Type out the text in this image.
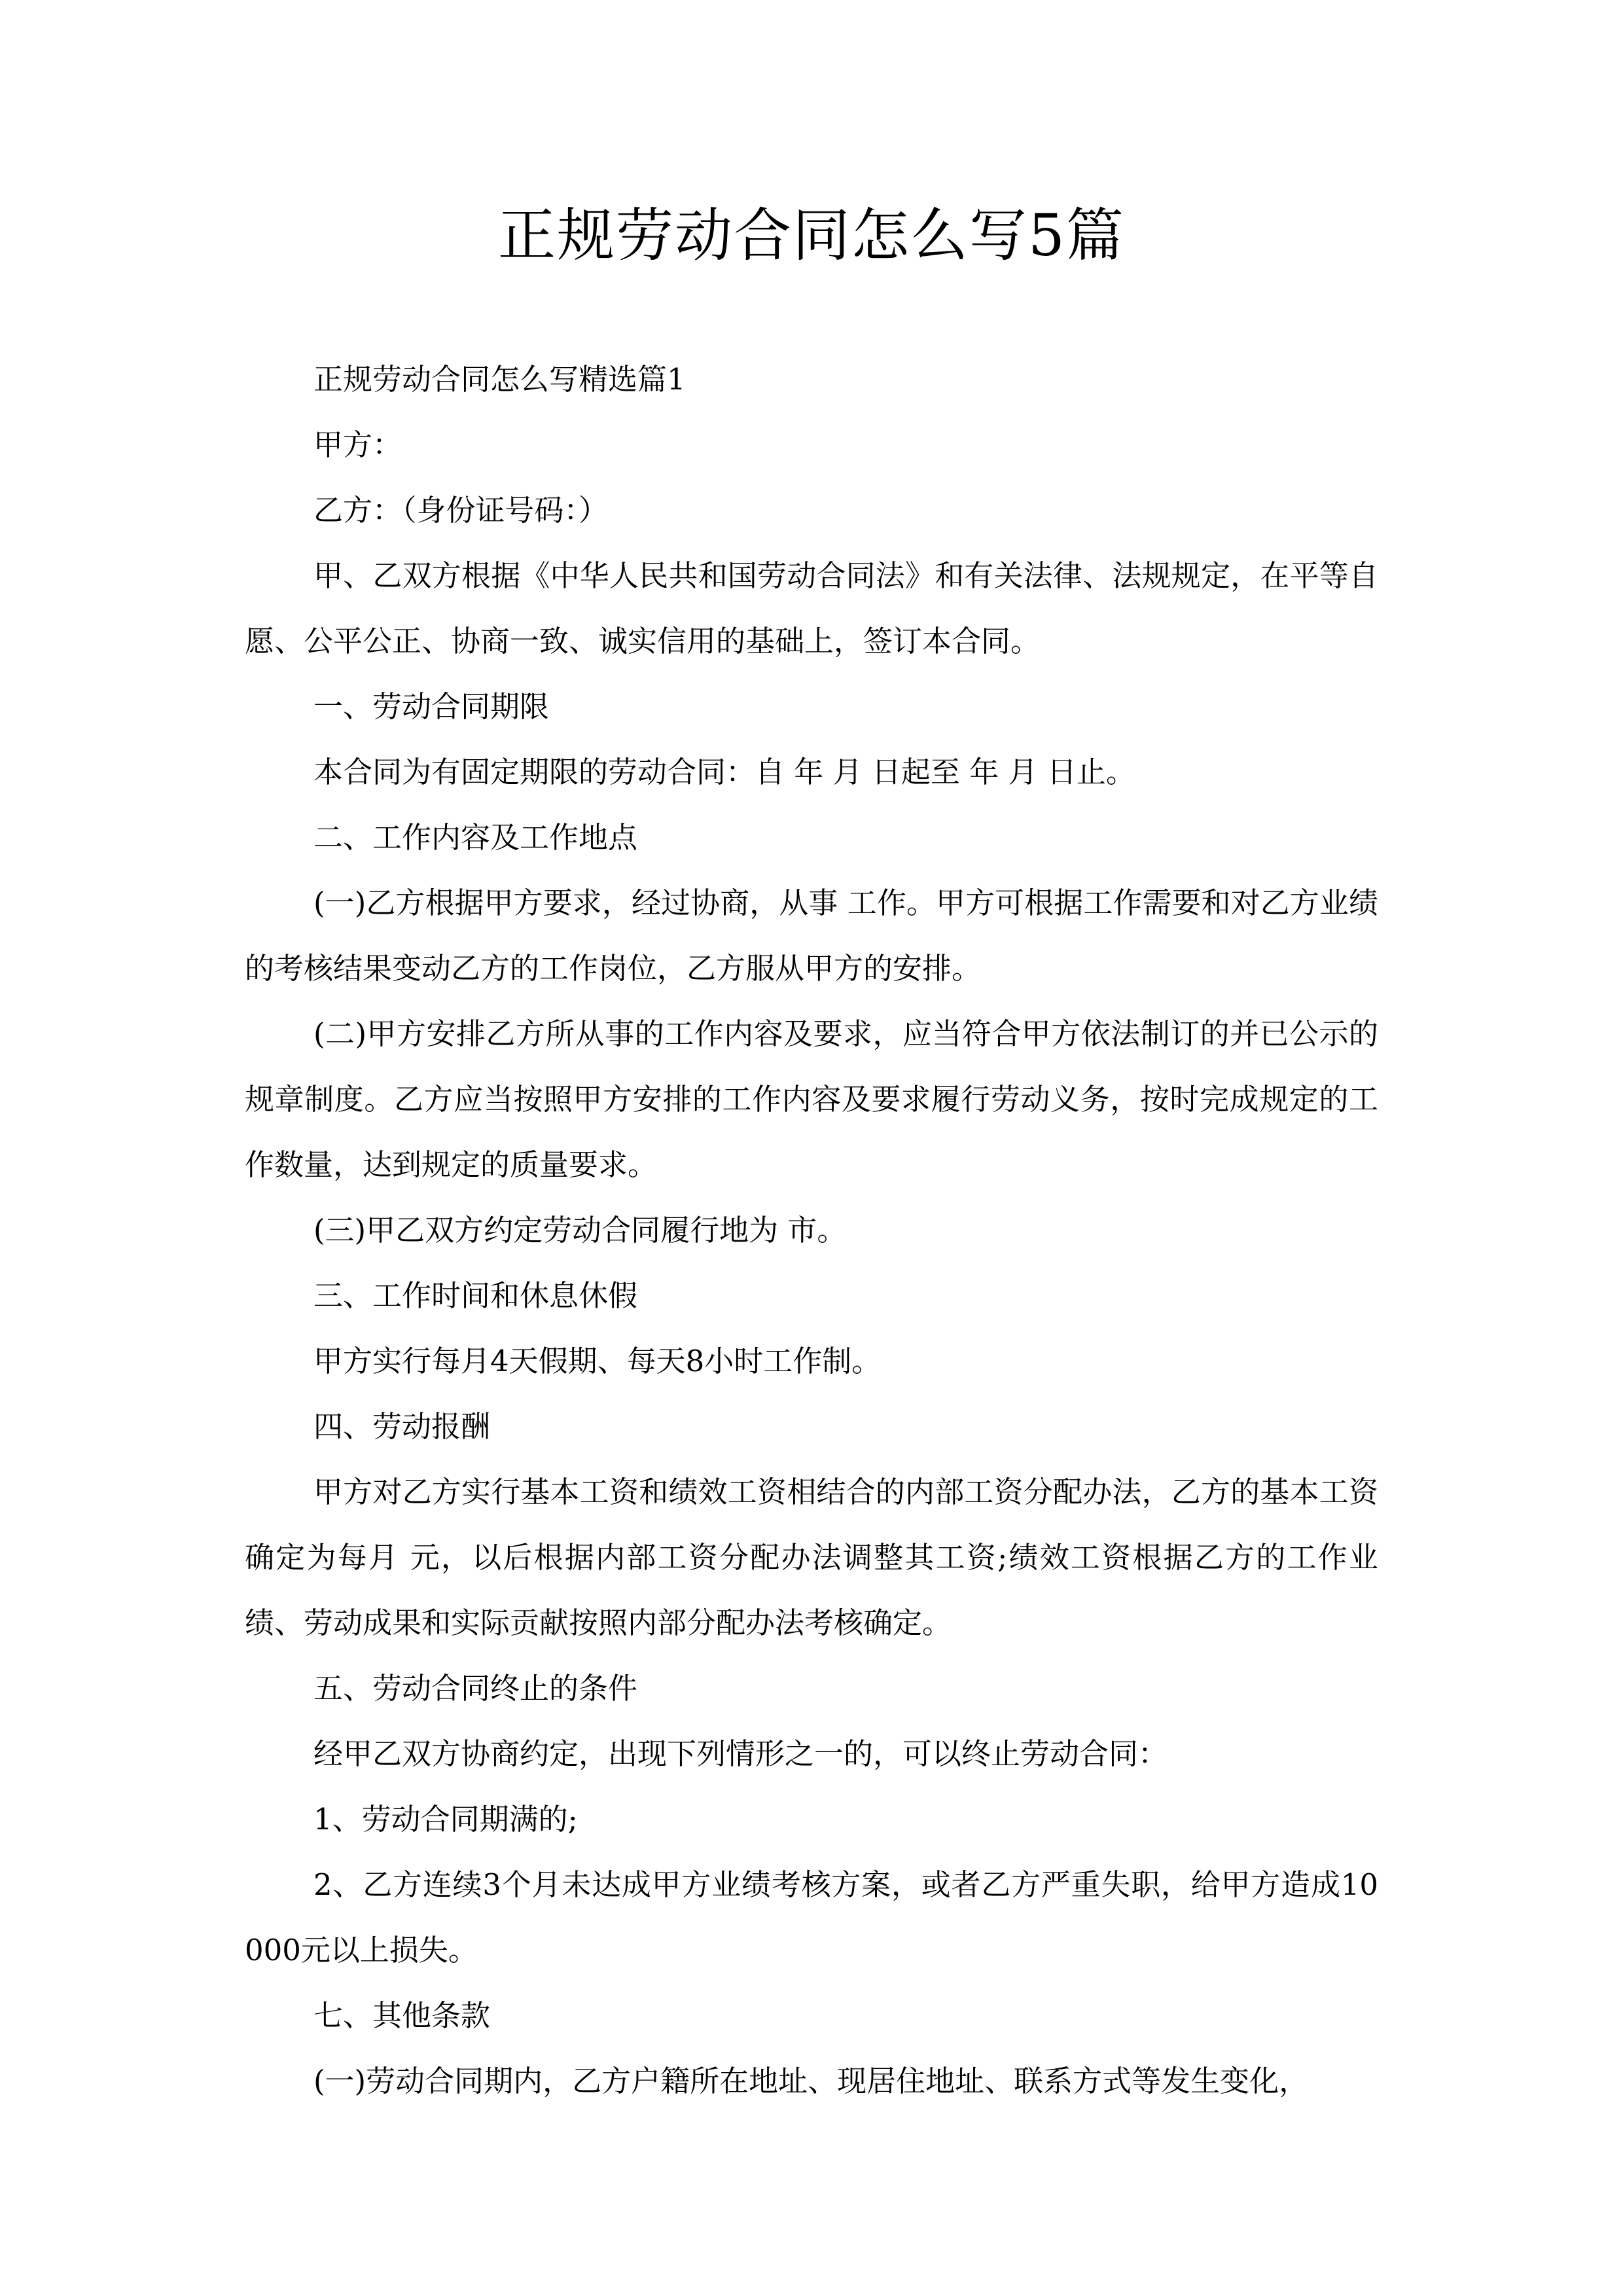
正规劳动合同怎么写5篇

正规劳动合同怎么写精选篇1

甲方：

乙方：（身份证号码：）

甲、乙双方根据《中华人民共和国劳动合同法》和有关法律、法规规定，在平等自愿、公平公正、协商一致、诚实信用的基础上，签订本合同。

一、劳动合同期限

本合同为有固定期限的劳动合同：自 年 月 日起至 年 月 日止。

二、工作内容及工作地点

(一)乙方根据甲方要求，经过协商，从事 工作。甲方可根据工作需要和对乙方业绩的考核结果变动乙方的工作岗位，乙方服从甲方的安排。

(二)甲方安排乙方所从事的工作内容及要求，应当符合甲方依法制订的并已公示的规章制度。乙方应当按照甲方安排的工作内容及要求履行劳动义务，按时完成规定的工作数量，达到规定的质量要求。

(三)甲乙双方约定劳动合同履行地为 市。

三、工作时间和休息休假

甲方实行每月4天假期、每天8小时工作制。

四、劳动报酬

甲方对乙方实行基本工资和绩效工资相结合的内部工资分配办法，乙方的基本工资确定为每月 元，以后根据内部工资分配办法调整其工资;绩效工资根据乙方的工作业绩、劳动成果和实际贡献按照内部分配办法考核确定。

五、劳动合同终止的条件

经甲乙双方协商约定，出现下列情形之一的，可以终止劳动合同：

1、劳动合同期满的;

2、乙方连续3个月未达成甲方业绩考核方案，或者乙方严重失职，给甲方造成10000元以上损失。

七、其他条款

(一)劳动合同期内，乙方户籍所在地址、现居住地址、联系方式等发生变化，
